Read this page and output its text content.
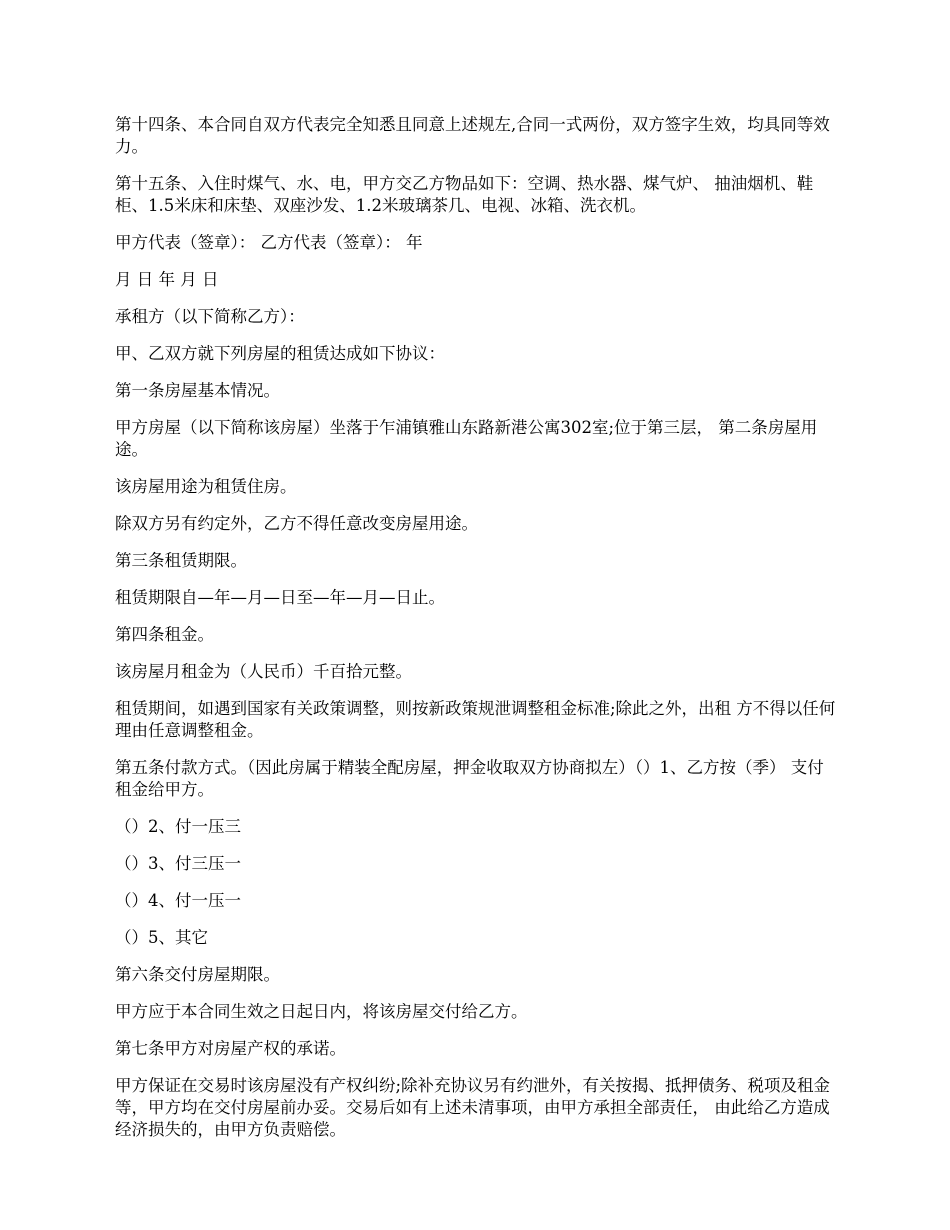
第十四条、本合同自双方代表完全知悉且同意上述规左,合同一式两份，双方签字生效，均具同等效力。

第十五条、入住时煤气、水、电，甲方交乙方物品如下：空调、热水器、煤气炉、 抽油烟机、鞋柜、1.5米床和床垫、双座沙发、1.2米玻璃茶几、电视、冰箱、洗衣机。

甲方代表（签章）： 乙方代表（签章）： 年

月 日 年 月 日

承租方（以下简称乙方）：

甲、乙双方就下列房屋的租赁达成如下协议：

第一条房屋基本情况。

甲方房屋（以下简称该房屋）坐落于乍浦镇雅山东路新港公寓302室;位于第三层， 第二条房屋用途。

该房屋用途为租赁住房。

除双方另有约定外，乙方不得任意改变房屋用途。

第三条租赁期限。

租赁期限自—年—月—日至—年—月—日止。

第四条租金。

该房屋月租金为（人民币）千百拾元整。

租赁期间，如遇到国家有关政策调整，则按新政策规泄调整租金标准;除此之外，出租 方不得以任何理由任意调整租金。

第五条付款方式。（因此房属于精装全配房屋，押金收取双方协商拟左）（）1、乙方按（季） 支付租金给甲方。

（）2、付一压三

（）3、付三压一

（）4、付一压一

（）5、其它

第六条交付房屋期限。

甲方应于本合同生效之日起日内，将该房屋交付给乙方。

第七条甲方对房屋产权的承诺。

甲方保证在交易时该房屋没有产权纠纷;除补充协议另有约泄外，有关按揭、抵押债务、税项及租金等，甲方均在交付房屋前办妥。交易后如有上述未清事项，由甲方承担全部责任， 由此给乙方造成经济损失的，由甲方负责赔偿。
